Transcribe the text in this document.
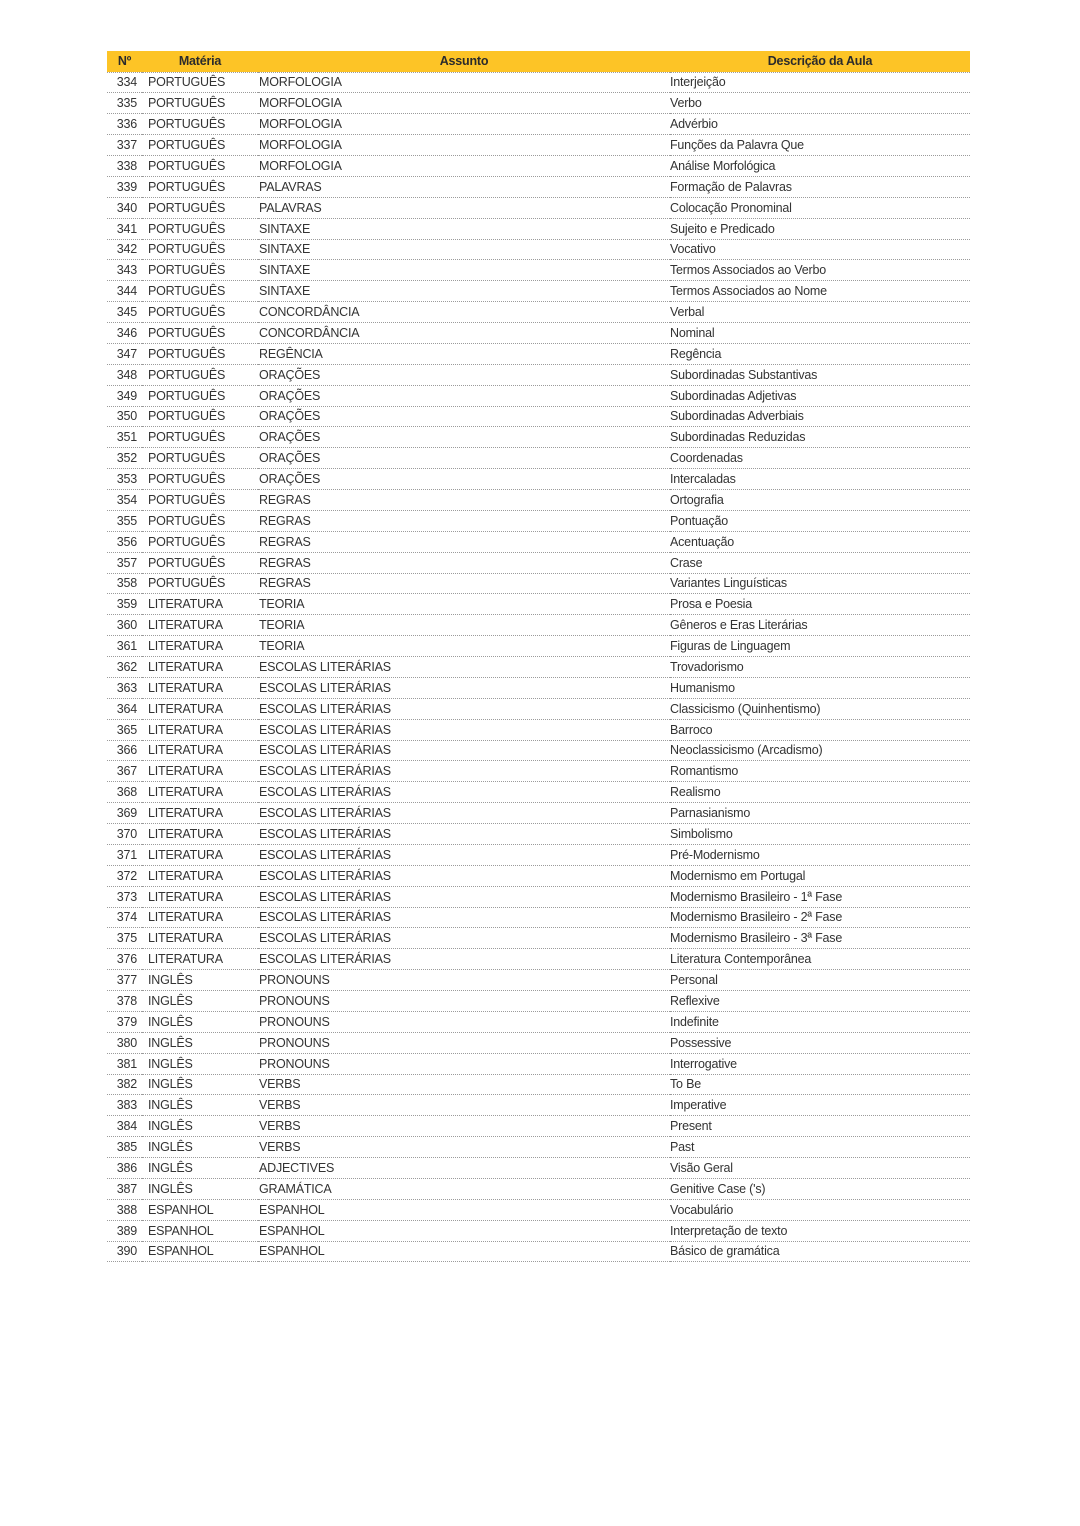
Nº	Matéria	Assunto	Descrição da Aula
334	PORTUGUÊS	MORFOLOGIA	Interjeição
335	PORTUGUÊS	MORFOLOGIA	Verbo
336	PORTUGUÊS	MORFOLOGIA	Advérbio
337	PORTUGUÊS	MORFOLOGIA	Funções da Palavra Que
338	PORTUGUÊS	MORFOLOGIA	Análise Morfológica
339	PORTUGUÊS	PALAVRAS	Formação de Palavras
340	PORTUGUÊS	PALAVRAS	Colocação Pronominal
341	PORTUGUÊS	SINTAXE	Sujeito e Predicado
342	PORTUGUÊS	SINTAXE	Vocativo
343	PORTUGUÊS	SINTAXE	Termos Associados ao Verbo
344	PORTUGUÊS	SINTAXE	Termos Associados ao Nome
345	PORTUGUÊS	CONCORDÂNCIA	Verbal
346	PORTUGUÊS	CONCORDÂNCIA	Nominal
347	PORTUGUÊS	REGÊNCIA	Regência
348	PORTUGUÊS	ORAÇÕES	Subordinadas Substantivas
349	PORTUGUÊS	ORAÇÕES	Subordinadas Adjetivas
350	PORTUGUÊS	ORAÇÕES	Subordinadas Adverbiais
351	PORTUGUÊS	ORAÇÕES	Subordinadas Reduzidas
352	PORTUGUÊS	ORAÇÕES	Coordenadas
353	PORTUGUÊS	ORAÇÕES	Intercaladas
354	PORTUGUÊS	REGRAS	Ortografia
355	PORTUGUÊS	REGRAS	Pontuação
356	PORTUGUÊS	REGRAS	Acentuação
357	PORTUGUÊS	REGRAS	Crase
358	PORTUGUÊS	REGRAS	Variantes Linguísticas
359	LITERATURA	TEORIA	Prosa e Poesia
360	LITERATURA	TEORIA	Gêneros e Eras Literárias
361	LITERATURA	TEORIA	Figuras de Linguagem
362	LITERATURA	ESCOLAS LITERÁRIAS	Trovadorismo
363	LITERATURA	ESCOLAS LITERÁRIAS	Humanismo
364	LITERATURA	ESCOLAS LITERÁRIAS	Classicismo (Quinhentismo)
365	LITERATURA	ESCOLAS LITERÁRIAS	Barroco
366	LITERATURA	ESCOLAS LITERÁRIAS	Neoclassicismo (Arcadismo)
367	LITERATURA	ESCOLAS LITERÁRIAS	Romantismo
368	LITERATURA	ESCOLAS LITERÁRIAS	Realismo
369	LITERATURA	ESCOLAS LITERÁRIAS	Parnasianismo
370	LITERATURA	ESCOLAS LITERÁRIAS	Simbolismo
371	LITERATURA	ESCOLAS LITERÁRIAS	Pré-Modernismo
372	LITERATURA	ESCOLAS LITERÁRIAS	Modernismo em Portugal
373	LITERATURA	ESCOLAS LITERÁRIAS	Modernismo Brasileiro - 1ª Fase
374	LITERATURA	ESCOLAS LITERÁRIAS	Modernismo Brasileiro - 2ª Fase
375	LITERATURA	ESCOLAS LITERÁRIAS	Modernismo Brasileiro - 3ª Fase
376	LITERATURA	ESCOLAS LITERÁRIAS	Literatura Contemporânea
377	INGLÊS	PRONOUNS	Personal
378	INGLÊS	PRONOUNS	Reflexive
379	INGLÊS	PRONOUNS	Indefinite
380	INGLÊS	PRONOUNS	Possessive
381	INGLÊS	PRONOUNS	Interrogative
382	INGLÊS	VERBS	To Be
383	INGLÊS	VERBS	Imperative
384	INGLÊS	VERBS	Present
385	INGLÊS	VERBS	Past
386	INGLÊS	ADJECTIVES	Visão Geral
387	INGLÊS	GRAMÁTICA	Genitive Case ('s)
388	ESPANHOL	ESPANHOL	Vocabulário
389	ESPANHOL	ESPANHOL	Interpretação de texto
390	ESPANHOL	ESPANHOL	Básico de gramática
